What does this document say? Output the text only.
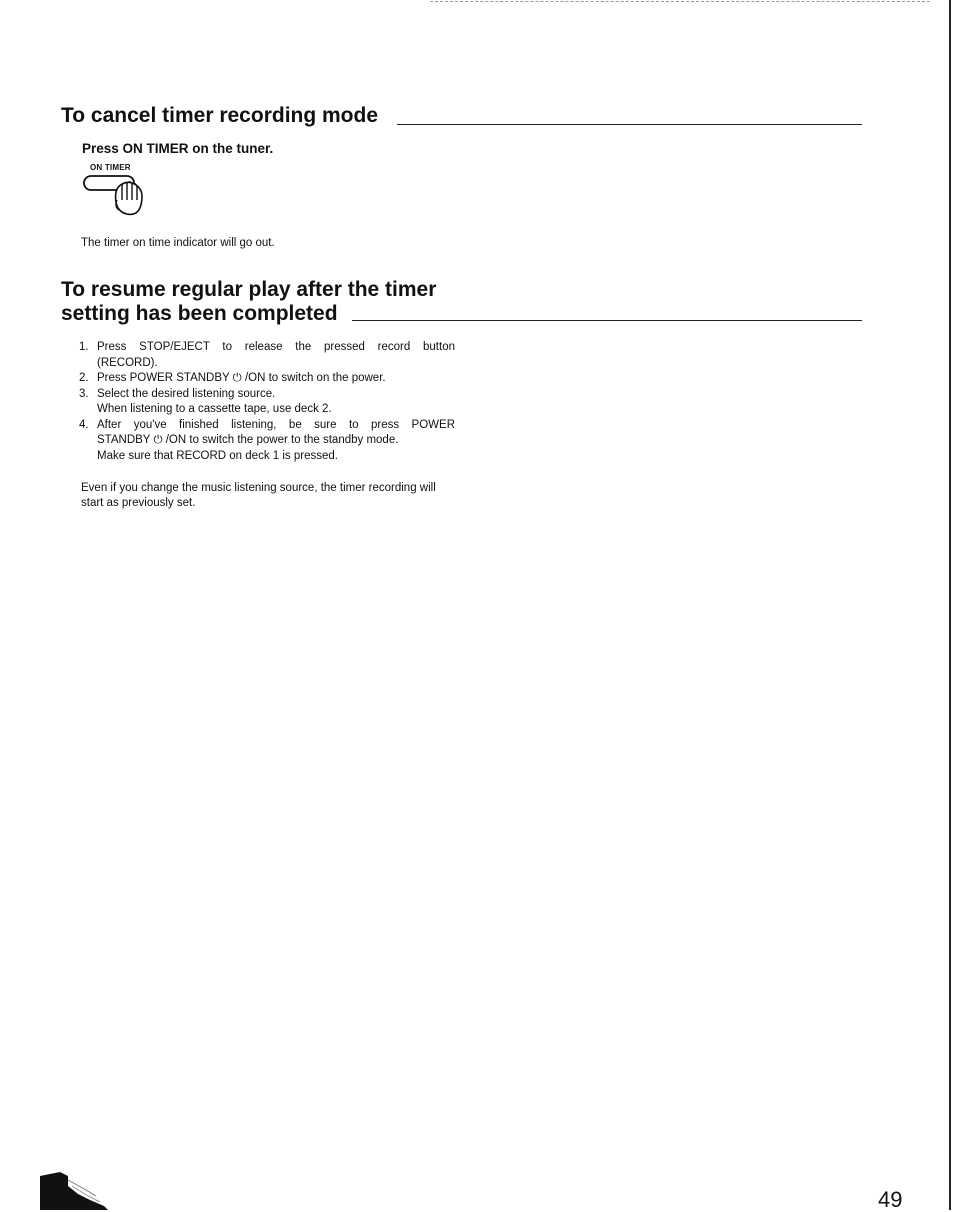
To cancel timer recording mode
Press ON TIMER on the tuner.
ON TIMER
The timer on time indicator will go out.
To resume regular play after the timer
setting has been completed
1. Press STOP/EJECT to release the pressed record button
(RECORD).
2. Press POWER STANDBY ⏻ /ON to switch on the power.
3. Select the desired listening source.
When listening to a cassette tape, use deck 2.
4. After you've finished listening, be sure to press POWER
STANDBY ⏻ /ON to switch the power to the standby mode.
Make sure that RECORD on deck 1 is pressed.
Even if you change the music listening source, the timer recording will start as previously set.
49
